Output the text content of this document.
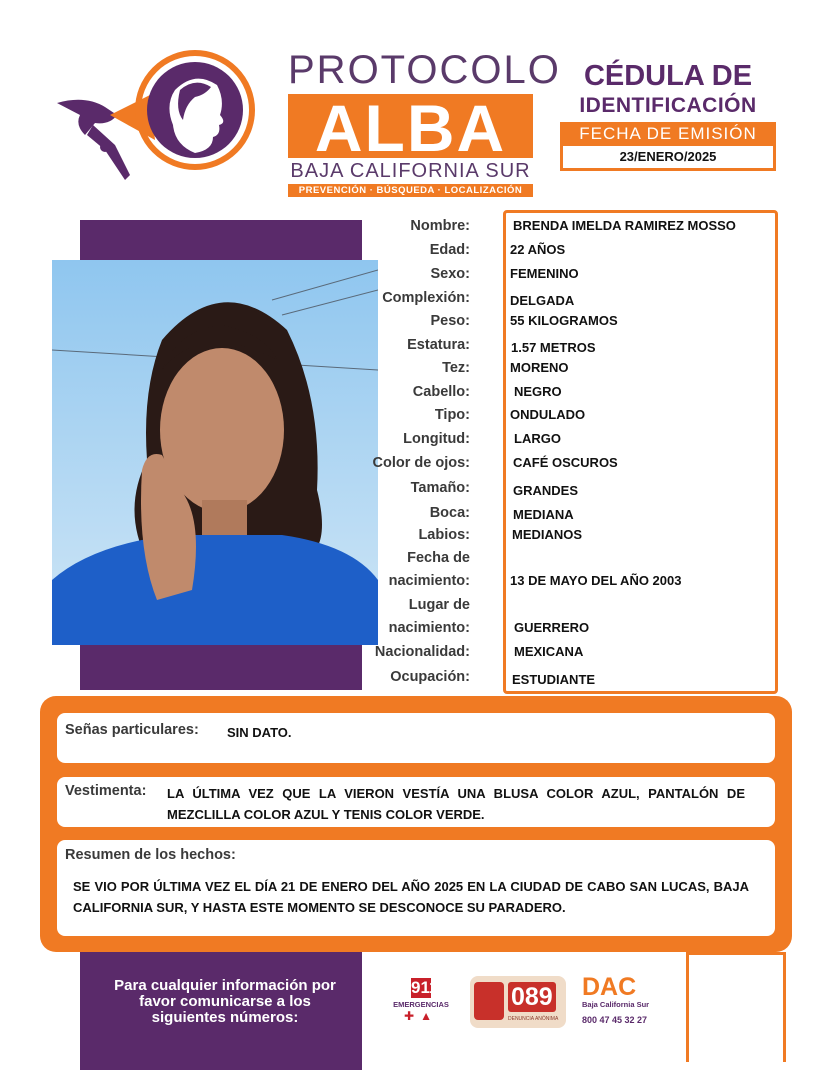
PROTOCOLO
ALBA
BAJA CALIFORNIA SUR
PREVENCIÓN · BÚSQUEDA · LOCALIZACIÓN
CÉDULA DE
IDENTIFICACIÓN
FECHA DE EMISIÓN
23/ENERO/2025
Nombre:	BRENDA IMELDA RAMIREZ MOSSO
Edad:	22 AÑOS
Sexo:	FEMENINO
Complexión:	DELGADA
Peso:	55 KILOGRAMOS
Estatura:	1.57 METROS
Tez:	MORENO
Cabello:	NEGRO
Tipo:	ONDULADO
Longitud:	LARGO
Color de ojos:	CAFÉ OSCUROS
Tamaño:	GRANDES
Boca:	MEDIANA
Labios:	MEDIANOS
Fecha de
nacimiento:	13 DE MAYO DEL AÑO 2003
Lugar de
nacimiento:	GUERRERO
Nacionalidad:	MEXICANA
Ocupación:	ESTUDIANTE
Señas particulares: SIN DATO.
Vestimenta: LA ÚLTIMA VEZ QUE LA VIERON VESTÍA UNA BLUSA COLOR AZUL, PANTALÓN DE MEZCLILLA COLOR AZUL Y TENIS COLOR VERDE.
Resumen de los hechos:
SE VIO POR ÚLTIMA VEZ EL DÍA 21 DE ENERO DEL AÑO 2025 EN LA CIUDAD DE CABO SAN LUCAS, BAJA CALIFORNIA SUR, Y HASTA ESTE MOMENTO SE DESCONOCE SU PARADERO.
Para cualquier información por favor comunicarse a los siguientes números:
911
EMERGENCIAS
✚▲
089
DENUNCIA ANÓNIMA
DAC
Baja California Sur
800 47 45 32 27
